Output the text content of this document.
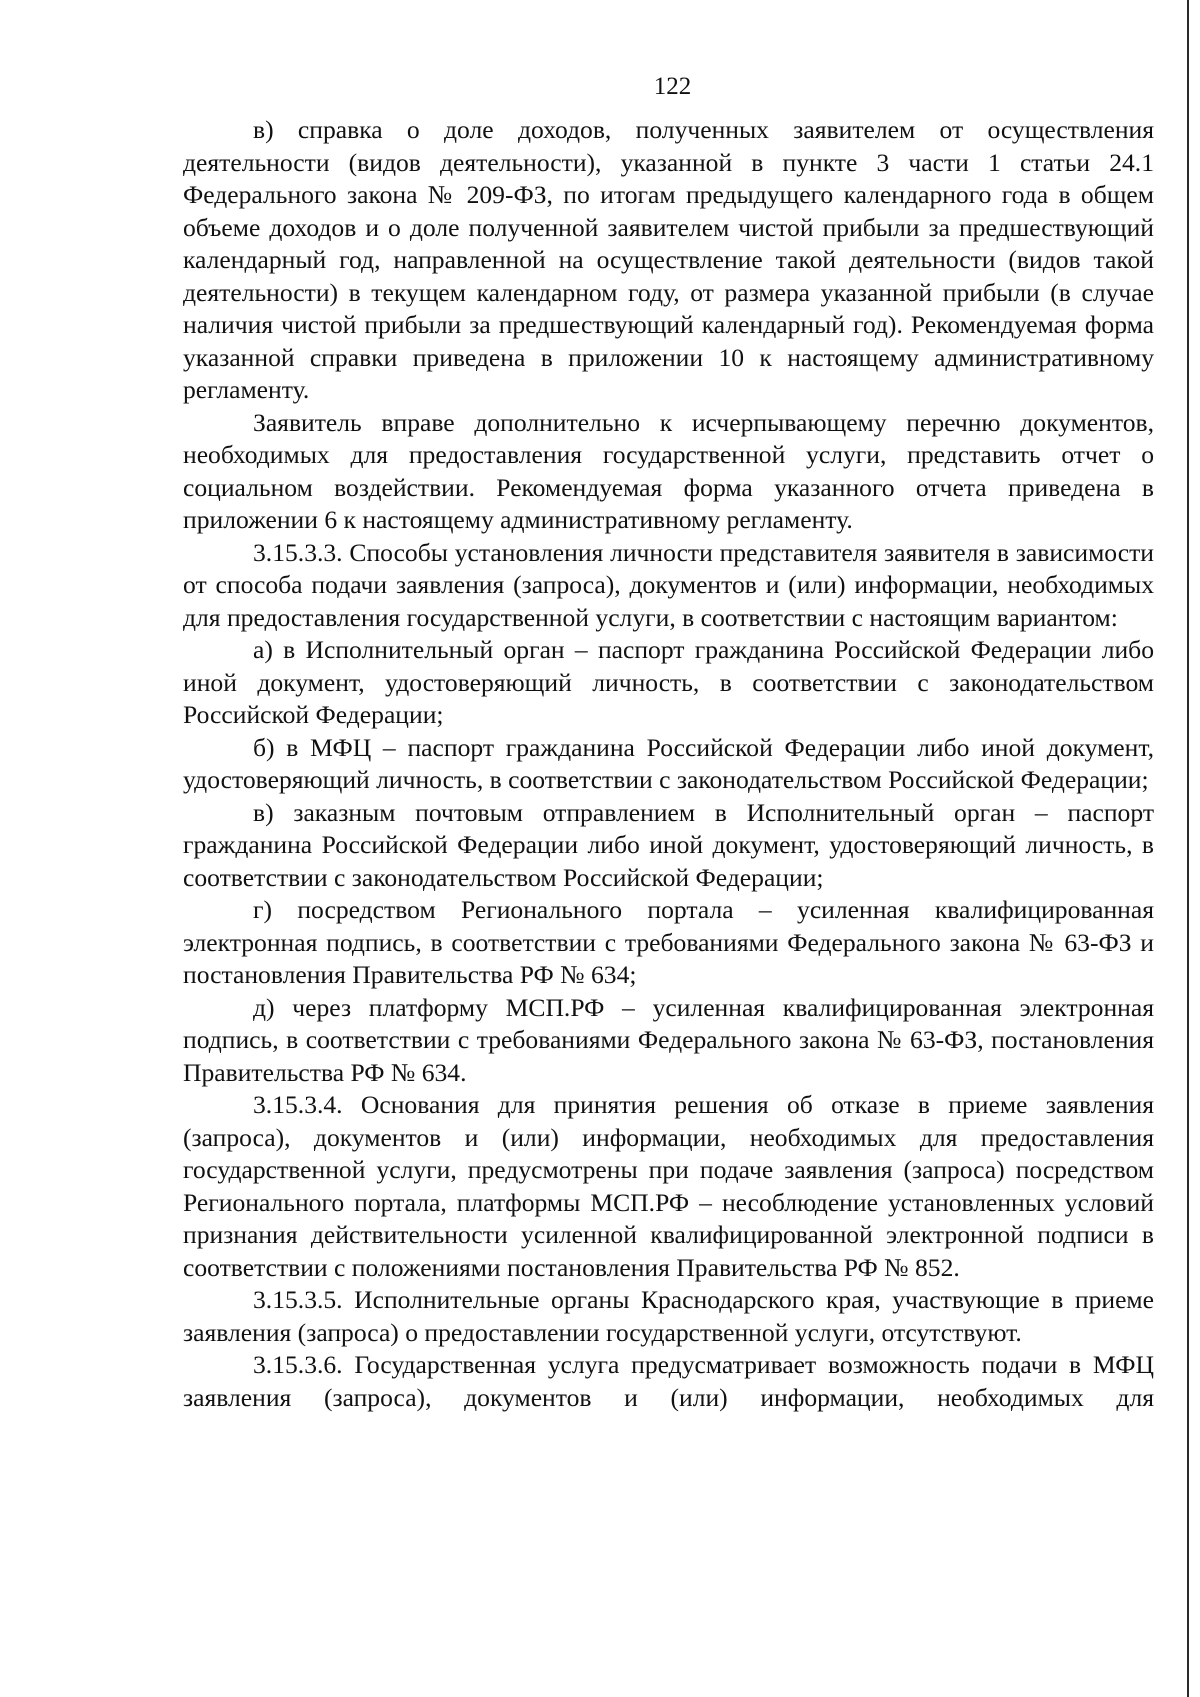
122

в) справка о доле доходов, полученных заявителем от осуществления деятельности (видов деятельности), указанной в пункте 3 части 1 статьи 24.1 Федерального закона № 209-ФЗ, по итогам предыдущего календарного года в общем объеме доходов и о доле полученной заявителем чистой прибыли за предшествующий календарный год, направленной на осуществление такой деятельности (видов такой деятельности) в текущем календарном году, от размера указанной прибыли (в случае наличия чистой прибыли за предшествующий календарный год). Рекомендуемая форма указанной справки приведена в приложении 10 к настоящему административному регламенту.

Заявитель вправе дополнительно к исчерпывающему перечню документов, необходимых для предоставления государственной услуги, представить отчет о социальном воздействии. Рекомендуемая форма указанного отчета приведена в приложении 6 к настоящему административному регламенту.

3.15.3.3. Способы установления личности представителя заявителя в зависимости от способа подачи заявления (запроса), документов и (или) информации, необходимых для предоставления государственной услуги, в соответствии с настоящим вариантом:

а) в Исполнительный орган – паспорт гражданина Российской Федерации либо иной документ, удостоверяющий личность, в соответствии с законодательством Российской Федерации;

б) в МФЦ – паспорт гражданина Российской Федерации либо иной документ, удостоверяющий личность, в соответствии с законодательством Российской Федерации;

в) заказным почтовым отправлением в Исполнительный орган – паспорт гражданина Российской Федерации либо иной документ, удостоверяющий личность, в соответствии с законодательством Российской Федерации;

г) посредством Регионального портала – усиленная квалифицированная электронная подпись, в соответствии с требованиями Федерального закона № 63-ФЗ и постановления Правительства РФ № 634;

д) через платформу МСП.РФ – усиленная квалифицированная электронная подпись, в соответствии с требованиями Федерального закона № 63-ФЗ, постановления Правительства РФ № 634.

3.15.3.4. Основания для принятия решения об отказе в приеме заявления (запроса), документов и (или) информации, необходимых для предоставления государственной услуги, предусмотрены при подаче заявления (запроса) посредством Регионального портала, платформы МСП.РФ – несоблюдение установленных условий признания действительности усиленной квалифицированной электронной подписи в соответствии с положениями постановления Правительства РФ № 852.

3.15.3.5. Исполнительные органы Краснодарского края, участвующие в приеме заявления (запроса) о предоставлении государственной услуги, отсутствуют.

3.15.3.6. Государственная услуга предусматривает возможность подачи в МФЦ заявления (запроса), документов и (или) информации, необходимых для
